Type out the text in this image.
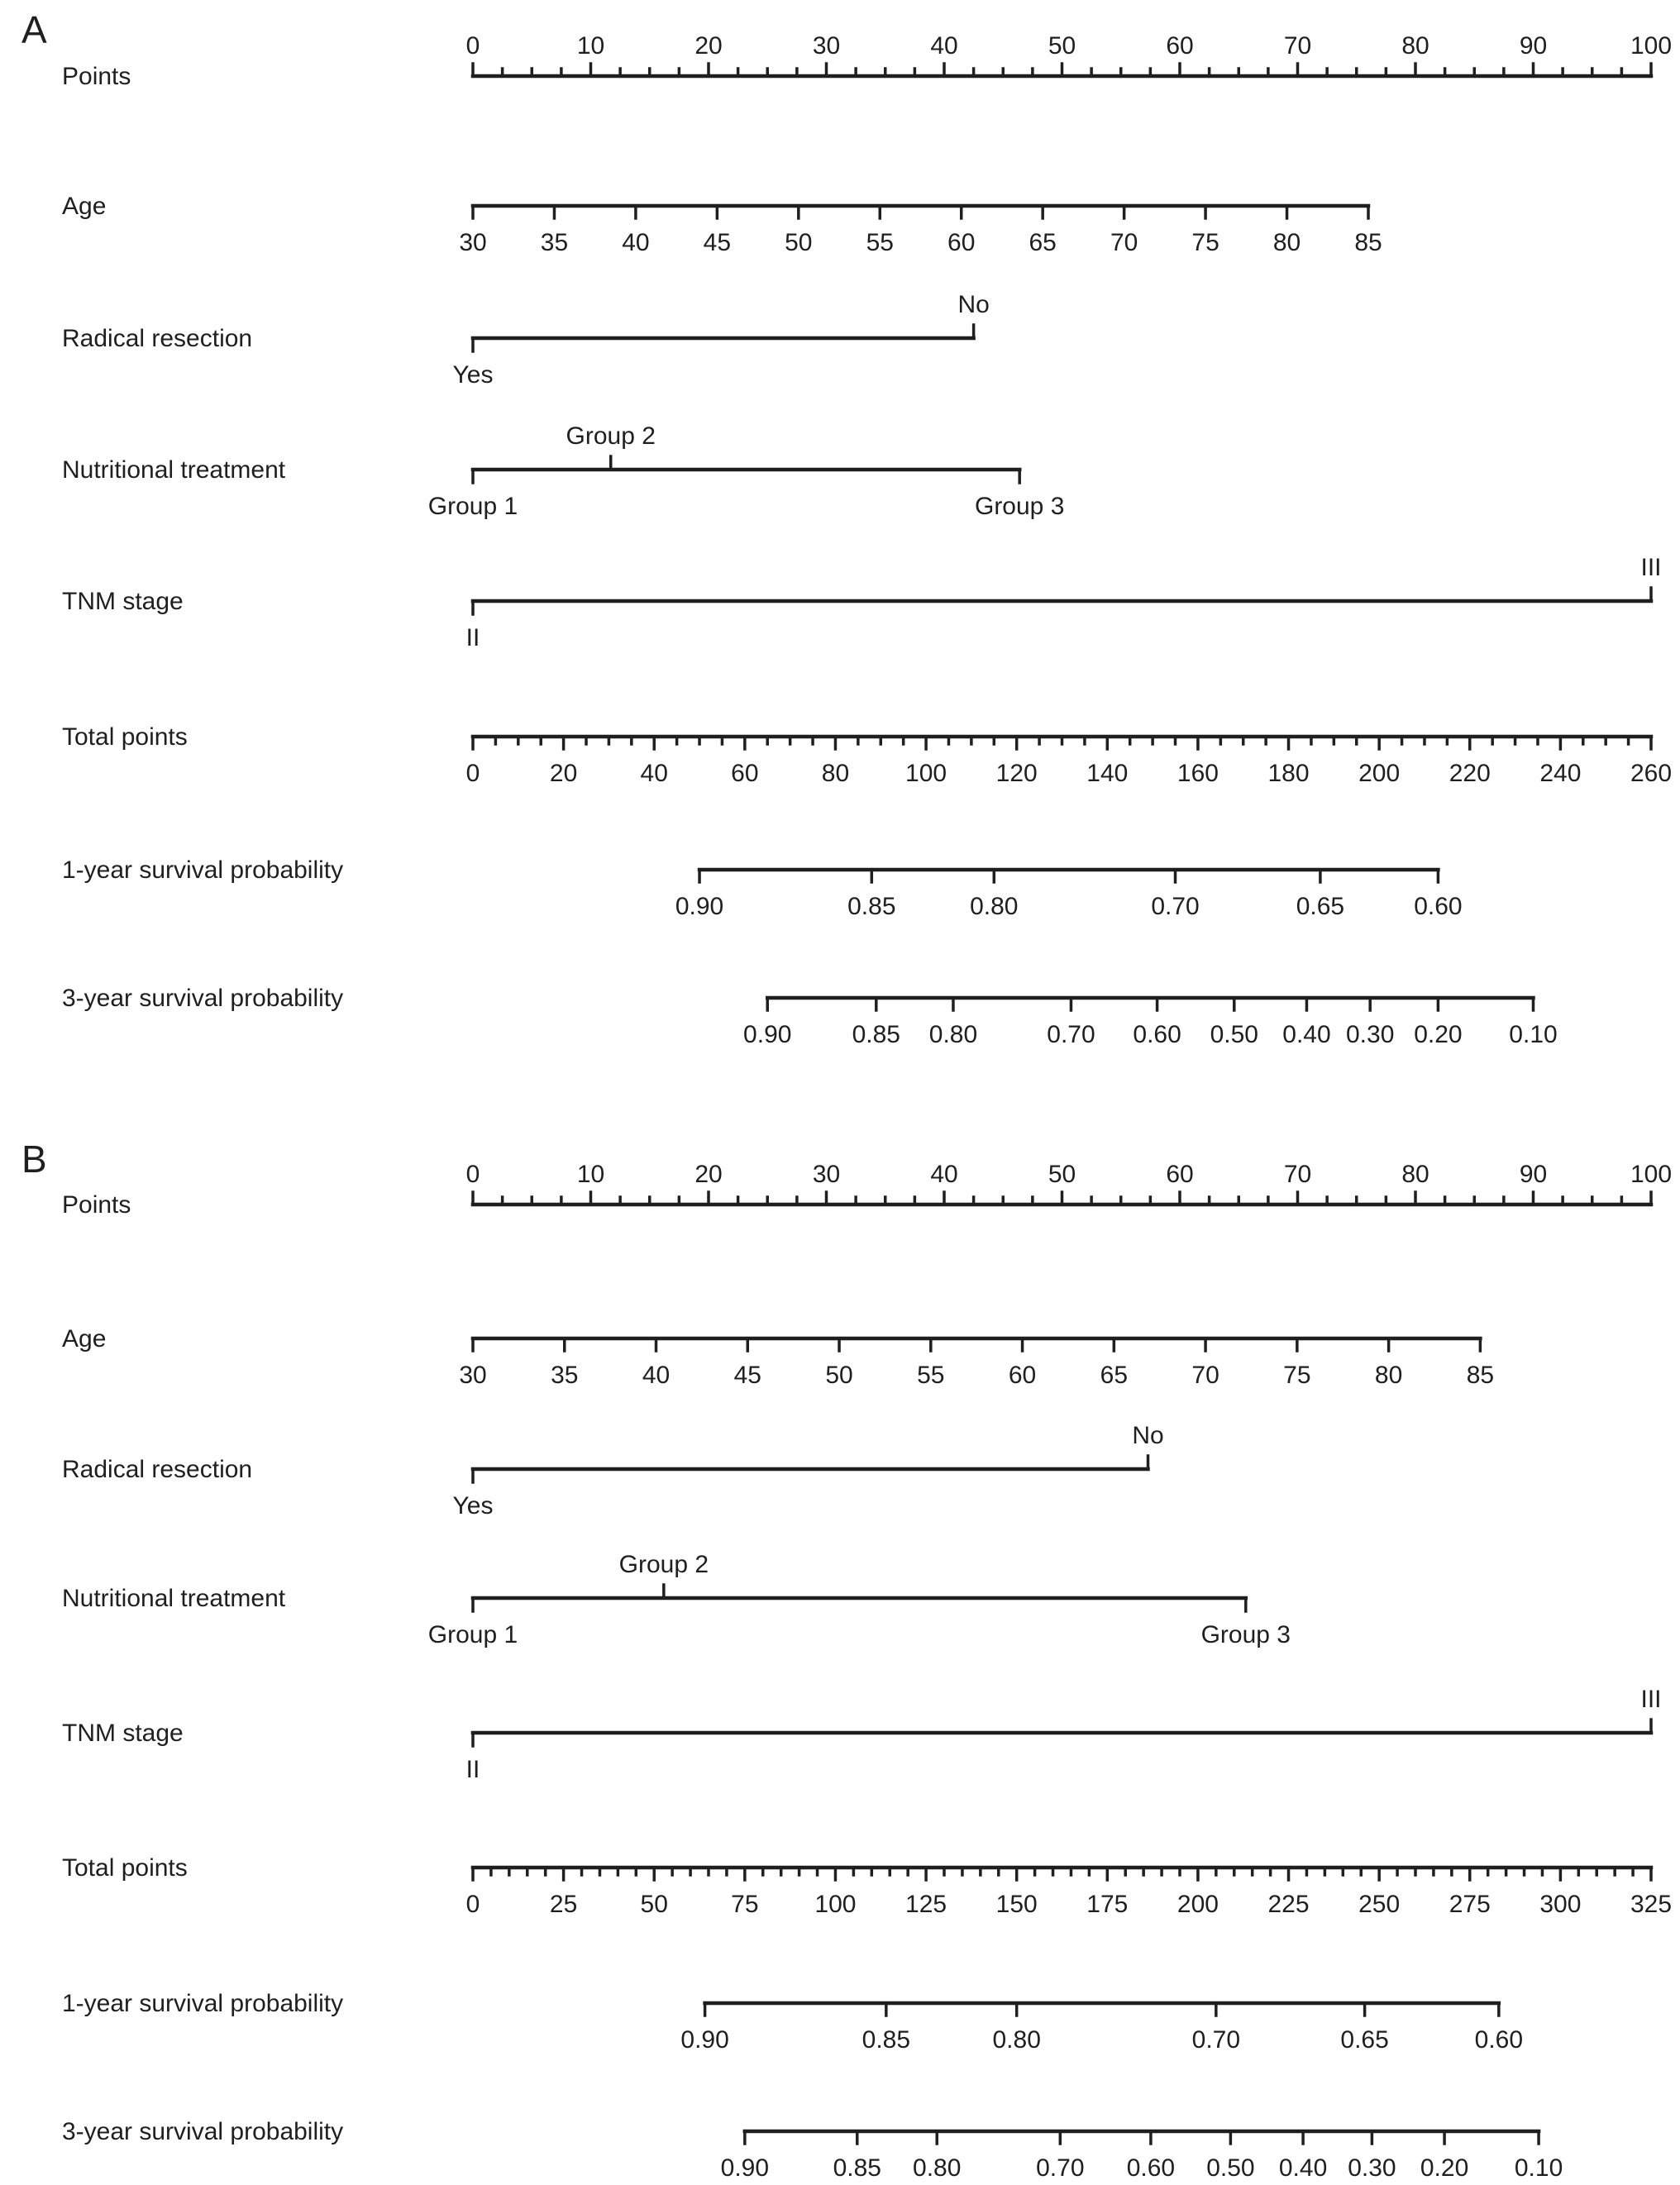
A
Points
0	10	20	30	40	50	60	70	80	90	100
Age
30 35 40 45 50 55 60 65 70 75 80 85
Radical resection
Yes
No
Nutritional treatment
Group 1
Group 2
Group 3
TNM stage
II
III
Total points
0	20	40	60	80 100 120 140 160 180 200 220 240 260
1-year survival probability
0.90	0.85	0.80	0.70	0.65	0.60
3-year survival probability
0.90 0.85 0.80	0.70 0.60 0.50 0.40 0.30 0.20 0.10
B
Points
0	10	20	30	40	50	60	70	80	90	100
Age
30	35	40	45	50	55	60	65	70	75	80	85
Radical resection
Yes
No
Nutritional treatment
Group 1
Group 2
Group 3
TNM stage
II
III
Total points
0	25	50	75 100 125 150 175 200 225 250 275 300 325
1-year survival probability
0.90	0.85	0.80	0.70	0.65	0.60
3-year survival probability
0.90	0.85 0.80	0.70 0.60 0.50 0.40 0.30 0.20 0.10
